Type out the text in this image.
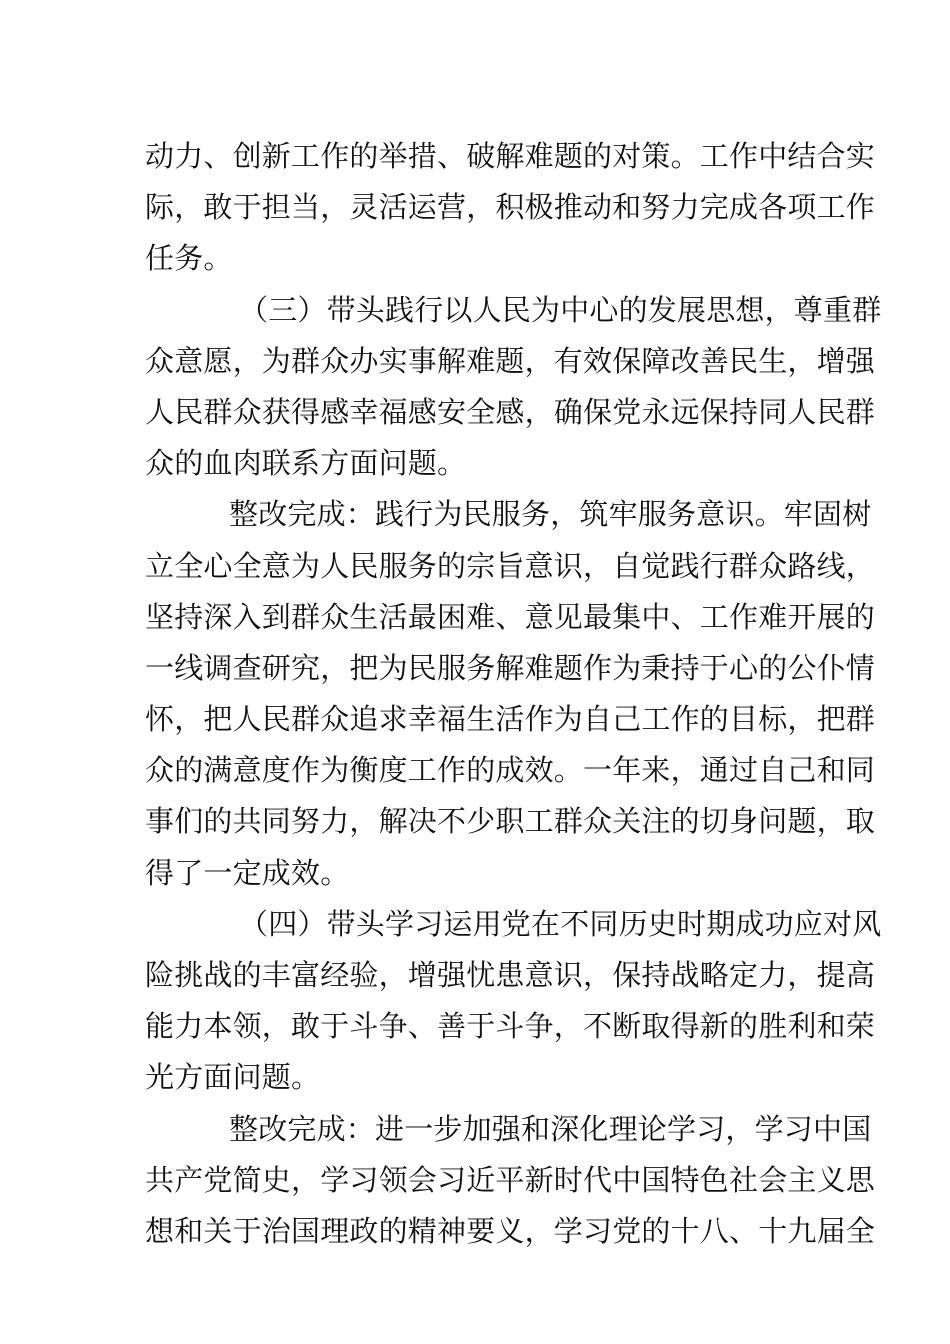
动力、创新工作的举措、破解难题的对策。工作中结合实
际，敢于担当，灵活运营，积极推动和努力完成各项工作
任务。
（三）带头践行以人民为中心的发展思想，尊重群
众意愿，为群众办实事解难题，有效保障改善民生，增强
人民群众获得感幸福感安全感，确保党永远保持同人民群
众的血肉联系方面问题。
整改完成：践行为民服务，筑牢服务意识。牢固树
立全心全意为人民服务的宗旨意识，自觉践行群众路线，
坚持深入到群众生活最困难、意见最集中、工作难开展的
一线调查研究，把为民服务解难题作为秉持于心的公仆情
怀，把人民群众追求幸福生活作为自己工作的目标，把群
众的满意度作为衡度工作的成效。一年来，通过自己和同
事们的共同努力，解决不少职工群众关注的切身问题，取
得了一定成效。
（四）带头学习运用党在不同历史时期成功应对风
险挑战的丰富经验，增强忧患意识，保持战略定力，提高
能力本领，敢于斗争、善于斗争，不断取得新的胜利和荣
光方面问题。
整改完成：进一步加强和深化理论学习，学习中国
共产党简史，学习领会习近平新时代中国特色社会主义思
想和关于治国理政的精神要义，学习党的十八、十九届全
